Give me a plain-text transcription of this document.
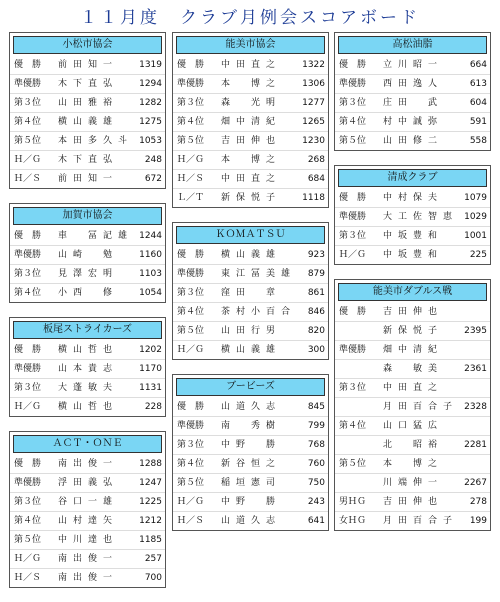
１１月度　クラブ月例会スコアボード
小松市協会
優　勝	前田知一	1319
準優勝	木下直弘	1294
第３位	山田雅裕	1282
第４位	横山義雄	1275
第５位	本田多久斗 1053
Ｈ／Ｇ	木下直弘	248
Ｈ／Ｓ	前田知一	672
加賀市協会
優　勝	車　冨記雄 1244
準優勝	山崎　勉	1160
第３位	見澤宏明	1103
第４位	小西　修	1054
板尾ストライカーズ
優　勝	横山哲也	1202
準優勝	山本貴志	1170
第３位	大蓬敏夫	1131
Ｈ／Ｇ	横山哲也	228
ＡＣＴ・ＯＮＥ
優　勝	南出俊一	1288
準優勝	浮田義弘	1247
第３位	谷口一雄	1225
第４位	山村達矢	1212
第５位	中川達也	1185
Ｈ／Ｇ	南出俊一	257
Ｈ／Ｓ	南出俊一	700
能美市協会
優　勝	中田直之	1322
準優勝	本　博之	1306
第３位	森　光明	1277
第４位	畑中清紀	1265
第５位	吉田伸也	1230
Ｈ／Ｇ	本　博之	268
Ｈ／Ｓ	中田直之	684
Ｌ／Ｔ	新保悦子	1118
ＫＯＭＡＴＳＵ
優　勝	横山義雄	923
準優勝	東江冨美雄	879
第３位	窪田　章	861
第４位	茶村小百合	846
第５位	山田行男	820
Ｈ／Ｇ	横山義雄	300
ブービーズ
優　勝	山道久志	845
準優勝	南　秀樹	799
第３位	中野　勝	768
第４位	新谷恒之	760
第５位	稲垣憲司	750
Ｈ／Ｇ	中野　勝	243
Ｈ／Ｓ	山道久志	641
高松油脂
優　勝	立川昭一	664
準優勝	西田逸人	613
第３位	庄田　武	604
第４位	村中誠弥	591
第５位	山田修二	558
清成クラブ
優　勝	中村保夫	1079
準優勝	大工佐智恵 1029
第３位	中坂豊和	1001
Ｈ／Ｇ	中坂豊和	225
能美市ダブルス戦
優　勝	吉田伸也
新保悦子	2395
準優勝	畑中清紀
森　敏美	2361
第３位	中田直之
月田百合子 2328
第４位	山口猛広
北　昭裕	2281
第５位	本　博之
川端伸一	2267
男ＨＧ	吉田伸也	278
女ＨＧ	月田百合子	199
